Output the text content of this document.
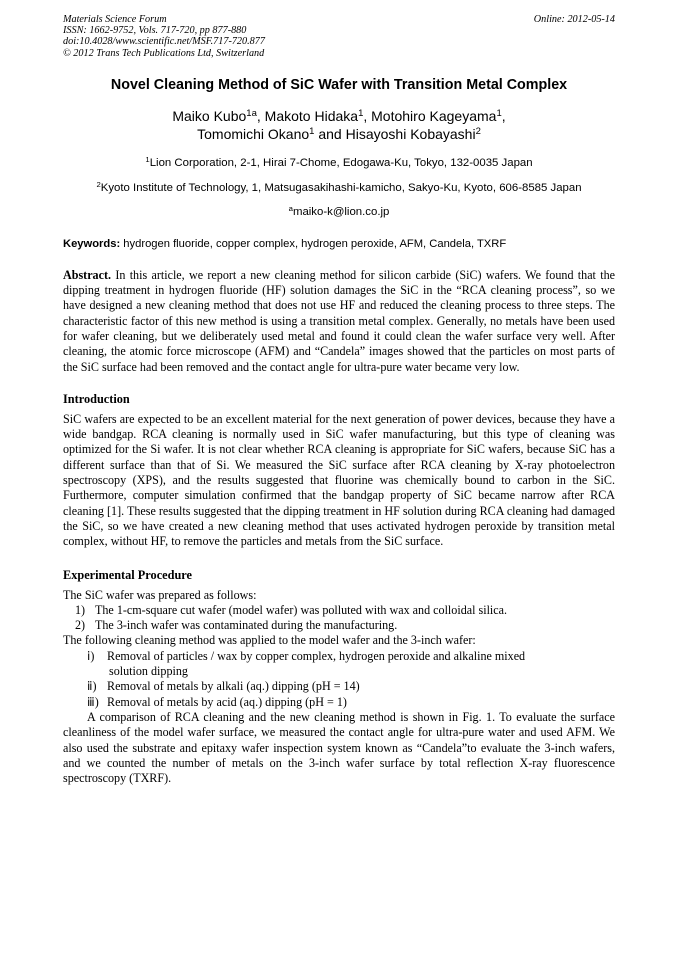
Materials Science Forum
ISSN: 1662-9752, Vols. 717-720, pp 877-880
doi:10.4028/www.scientific.net/MSF.717-720.877
© 2012 Trans Tech Publications Ltd, Switzerland
Online: 2012-05-14
Novel Cleaning Method of SiC Wafer with Transition Metal Complex
Maiko Kubo$^{1a}$, Makoto Hidaka$^1$, Motohiro Kageyama$^1$,
Tomomichi Okano$^1$ and Hisayoshi Kobayashi$^2$
$^1$Lion Corporation, 2-1, Hirai 7-Chome, Edogawa-Ku, Tokyo, 132-0035 Japan
$^2$Kyoto Institute of Technology, 1, Matsugasakihashi-kamicho, Sakyo-Ku, Kyoto, 606-8585 Japan
$^a$maiko-k@lion.co.jp
Keywords: hydrogen fluoride, copper complex, hydrogen peroxide, AFM, Candela, TXRF
Abstract. In this article, we report a new cleaning method for silicon carbide (SiC) wafers. We found that the dipping treatment in hydrogen fluoride (HF) solution damages the SiC in the “RCA cleaning process”, so we have designed a new cleaning method that does not use HF and reduced the cleaning process to three steps. The characteristic factor of this new method is using a transition metal complex. Generally, no metals have been used for wafer cleaning, but we deliberately used metal and found it could clean the wafer surface very well. After cleaning, the atomic force microscope (AFM) and “Candela” images showed that the particles on most parts of the SiC surface had been removed and the contact angle for ultra-pure water became very low.
Introduction
SiC wafers are expected to be an excellent material for the next generation of power devices, because they have a wide bandgap. RCA cleaning is normally used in SiC wafer manufacturing, but this type of cleaning was optimized for the Si wafer. It is not clear whether RCA cleaning is appropriate for SiC wafers, because SiC has a different surface than that of Si. We measured the SiC surface after RCA cleaning by X-ray photoelectron spectroscopy (XPS), and the results suggested that fluorine was chemically bound to carbon in the SiC. Furthermore, computer simulation confirmed that the bandgap property of SiC became narrow after RCA cleaning [1]. These results suggested that the dipping treatment in HF solution during RCA cleaning had damaged the SiC, so we have created a new cleaning method that uses activated hydrogen peroxide by transition metal complex, without HF, to remove the particles and metals from the SiC surface.
Experimental Procedure
The SiC wafer was prepared as follows:
1) The 1-cm-square cut wafer (model wafer) was polluted with wax and colloidal silica.
2) The 3-inch wafer was contaminated during the manufacturing.
The following cleaning method was applied to the model wafer and the 3-inch wafer:
ⅰ) Removal of particles / wax by copper complex, hydrogen peroxide and alkaline mixed
solution dipping
ⅱ) Removal of metals by alkali (aq.) dipping (pH = 14)
ⅲ) Removal of metals by acid (aq.) dipping (pH = 1)
A comparison of RCA cleaning and the new cleaning method is shown in Fig. 1. To evaluate the surface cleanliness of the model wafer surface, we measured the contact angle for ultra-pure water and used AFM. We also used the substrate and epitaxy wafer inspection system known as “Candela”to evaluate the 3-inch wafers, and we counted the number of metals on the 3-inch wafer surface by total reflection X-ray fluorescence spectroscopy (TXRF).
